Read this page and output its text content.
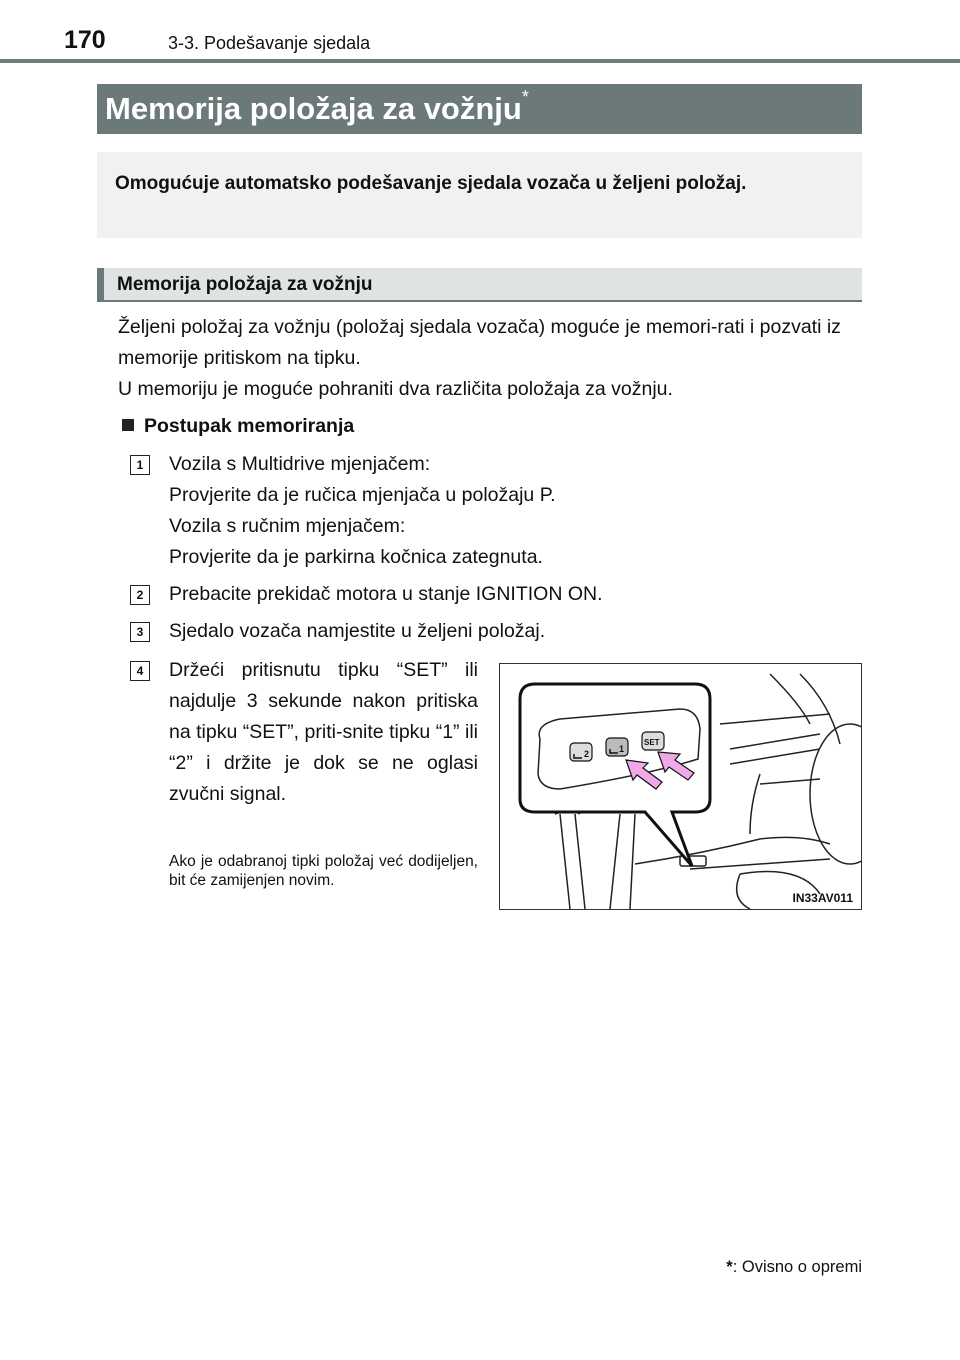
170	3-3. Podešavanje sjedala
Memorija položaja za vožnju*
Omogućuje automatsko podešavanje sjedala vozača u željeni položaj.
Memorija položaja za vožnju
Željeni položaj za vožnju (položaj sjedala vozača) moguće je memori-rati i pozvati iz memorije pritiskom na tipku.
U memoriju je moguće pohraniti dva različita položaja za vožnju.
Postupak memoriranja
1	Vozila s Multidrive mjenjačem:
Provjerite da je ručica mjenjača u položaju P.
Vozila s ručnim mjenjačem:
Provjerite da je parkirna kočnica zategnuta.
2	Prebacite prekidač motora u stanje IGNITION ON.
3	Sjedalo vozača namjestite u željeni položaj.
4	Držeći pritisnutu tipku “SET” ili najdulje 3 sekunde nakon pritiska na tipku “SET”, priti-snite tipku “1” ili “2” i držite je dok se ne oglasi zvučni signal.
Ako je odabranoj tipki položaj već dodijeljen, bit će zamijenjen novim.
2	1
SET
IN33AV011
*: Ovisno o opremi
